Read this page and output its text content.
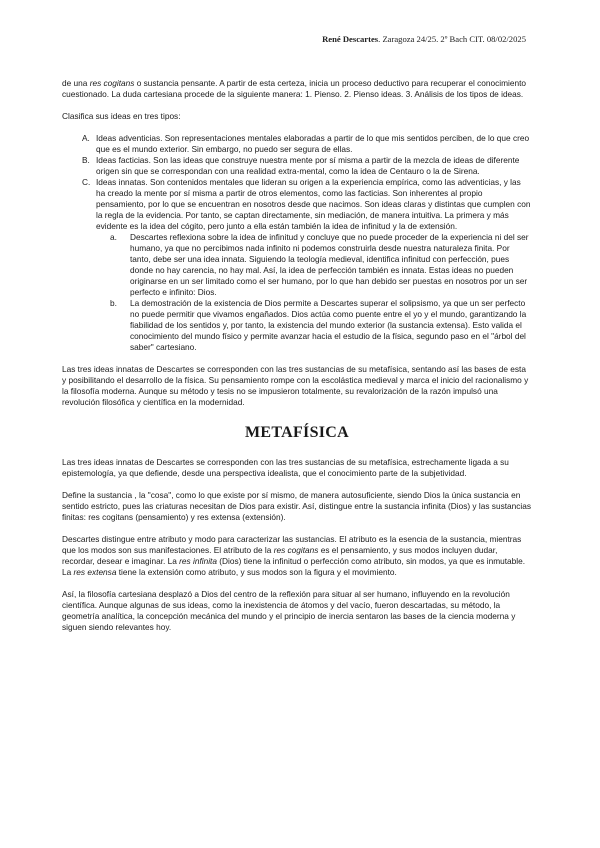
René Descartes. Zaragoza 24/25. 2º Bach CIT. 08/02/2025

de una res cogitans o sustancia pensante. A partir de esta certeza, inicia un proceso deductivo para recuperar el conocimiento cuestionado. La duda cartesiana procede de la siguiente manera: 1. Pienso. 2. Pienso ideas. 3. Análisis de los tipos de ideas.

Clasifica sus ideas en tres tipos:

A. Ideas adventicias. Son representaciones mentales elaboradas a partir de lo que mis sentidos perciben, de lo que creo que es el mundo exterior. Sin embargo, no puedo ser segura de ellas.
B. Ideas facticias. Son las ideas que construye nuestra mente por sí misma a partir de la mezcla de ideas de diferente origen sin que se correspondan con una realidad extra-mental, como la idea de Centauro o la de Sirena.
C. Ideas innatas. Son contenidos mentales que lideran su origen a la experiencia empírica, como las adventicias, y las ha creado la mente por sí misma a partir de otros elementos, como las facticias. Son inherentes al propio pensamiento, por lo que se encuentran en nosotros desde que nacimos. Son ideas claras y distintas que cumplen con la regla de la evidencia. Por tanto, se captan directamente, sin mediación, de manera intuitiva. La primera y más evidente es la idea del cógito, pero junto a ella están también la idea de infinitud y la de extensión.
a. Descartes reflexiona sobre la idea de infinitud y concluye que no puede proceder de la experiencia ni del ser humano, ya que no percibimos nada infinito ni podemos construirla desde nuestra naturaleza finita. Por tanto, debe ser una idea innata. Siguiendo la teología medieval, identifica infinitud con perfección, pues donde no hay carencia, no hay mal. Así, la idea de perfección también es innata. Estas ideas no pueden originarse en un ser limitado como el ser humano, por lo que han debido ser puestas en nosotros por un ser perfecto e infinito: Dios.
b. La demostración de la existencia de Dios permite a Descartes superar el solipsismo, ya que un ser perfecto no puede permitir que vivamos engañados. Dios actúa como puente entre el yo y el mundo, garantizando la fiabilidad de los sentidos y, por tanto, la existencia del mundo exterior (la sustancia extensa). Esto valida el conocimiento del mundo físico y permite avanzar hacia el estudio de la física, segundo paso en el "árbol del saber" cartesiano.

Las tres ideas innatas de Descartes se corresponden con las tres sustancias de su metafísica, sentando así las bases de esta y posibilitando el desarrollo de la física. Su pensamiento rompe con la escolástica medieval y marca el inicio del racionalismo y la filosofía moderna. Aunque su método y tesis no se impusieron totalmente, su revalorización de la razón impulsó una revolución filosófica y científica en la modernidad.

METAFÍSICA

Las tres ideas innatas de Descartes se corresponden con las tres sustancias de su metafísica, estrechamente ligada a su epistemología, ya que defiende, desde una perspectiva idealista, que el conocimiento parte de la subjetividad.

Define la sustancia , la "cosa", como lo que existe por sí mismo, de manera autosuficiente, siendo Dios la única sustancia en sentido estricto, pues las criaturas necesitan de Dios para existir. Así, distingue entre la sustancia infinita (Dios) y las sustancias finitas: res cogitans (pensamiento) y res extensa (extensión).

Descartes distingue entre atributo y modo para caracterizar las sustancias. El atributo es la esencia de la sustancia, mientras que los modos son sus manifestaciones. El atributo de la res cogitans es el pensamiento, y sus modos incluyen dudar, recordar, desear e imaginar. La res infinita (Dios) tiene la infinitud o perfección como atributo, sin modos, ya que es inmutable. La res extensa tiene la extensión como atributo, y sus modos son la figura y el movimiento.

Así, la filosofía cartesiana desplazó a Dios del centro de la reflexión para situar al ser humano, influyendo en la revolución científica. Aunque algunas de sus ideas, como la inexistencia de átomos y del vacío, fueron descartadas, su método, la geometría analítica, la concepción mecánica del mundo y el principio de inercia sentaron las bases de la ciencia moderna y siguen siendo relevantes hoy.
